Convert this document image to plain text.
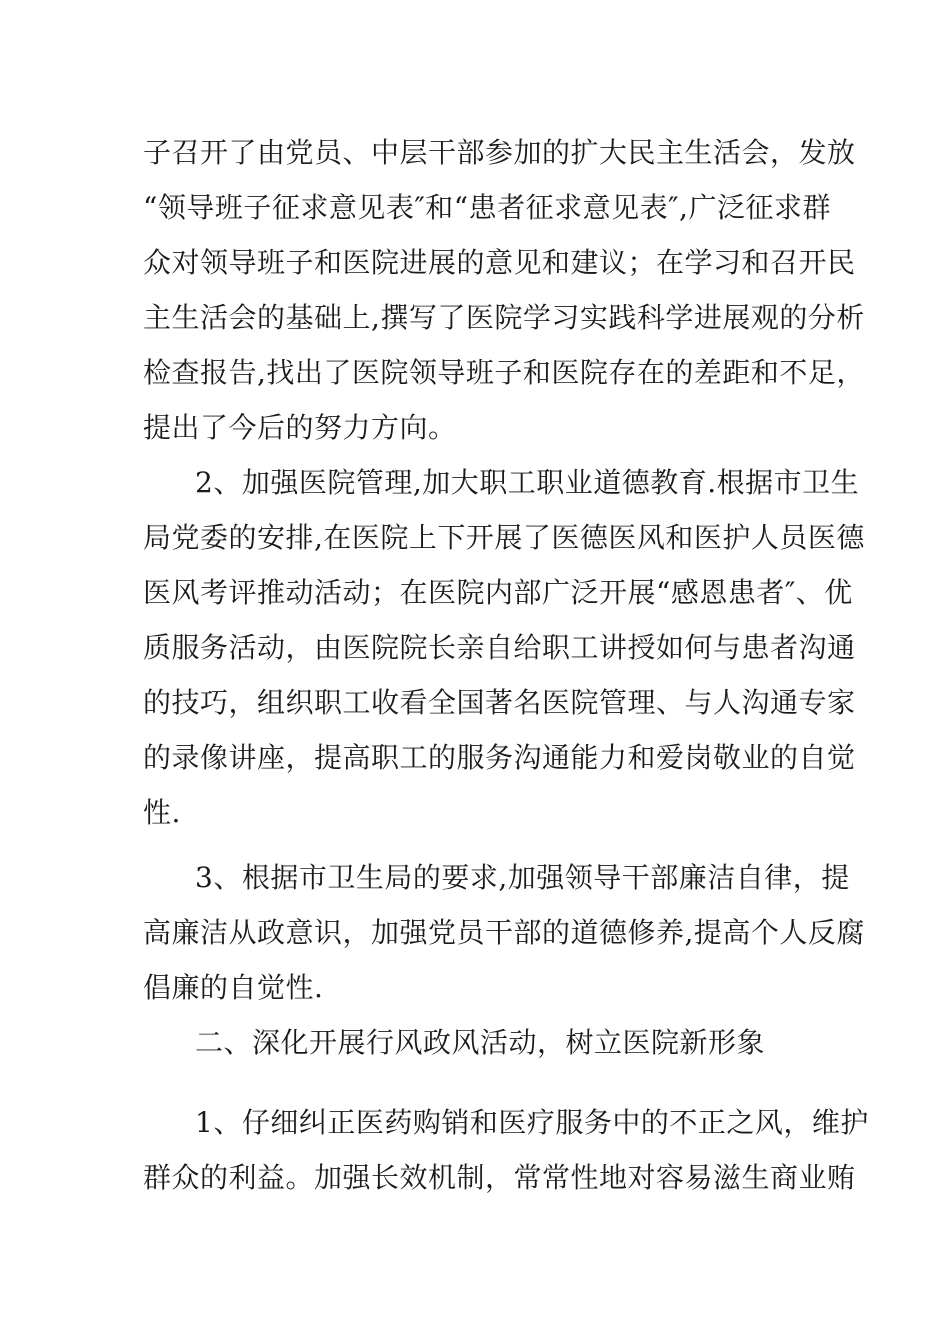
子召开了由党员、中层干部参加的扩大民主生活会，发放
“领导班子征求意见表″和“患者征求意见表″,广泛征求群
众对领导班子和医院进展的意见和建议；在学习和召开民
主生活会的基础上,撰写了医院学习实践科学进展观的分析
检查报告,找出了医院领导班子和医院存在的差距和不足，
提出了今后的努力方向。
2、加强医院管理,加大职工职业道德教育.根据市卫生
局党委的安排,在医院上下开展了医德医风和医护人员医德
医风考评推动活动；在医院内部广泛开展“感恩患者″、优
质服务活动，由医院院长亲自给职工讲授如何与患者沟通
的技巧，组织职工收看全国著名医院管理、与人沟通专家
的录像讲座，提高职工的服务沟通能力和爱岗敬业的自觉
性.
3、根据市卫生局的要求,加强领导干部廉洁自律，提
高廉洁从政意识，加强党员干部的道德修养,提高个人反腐
倡廉的自觉性.
二、深化开展行风政风活动，树立医院新形象
1、仔细纠正医药购销和医疗服务中的不正之风，维护
群众的利益。加强长效机制，常常性地对容易滋生商业贿
